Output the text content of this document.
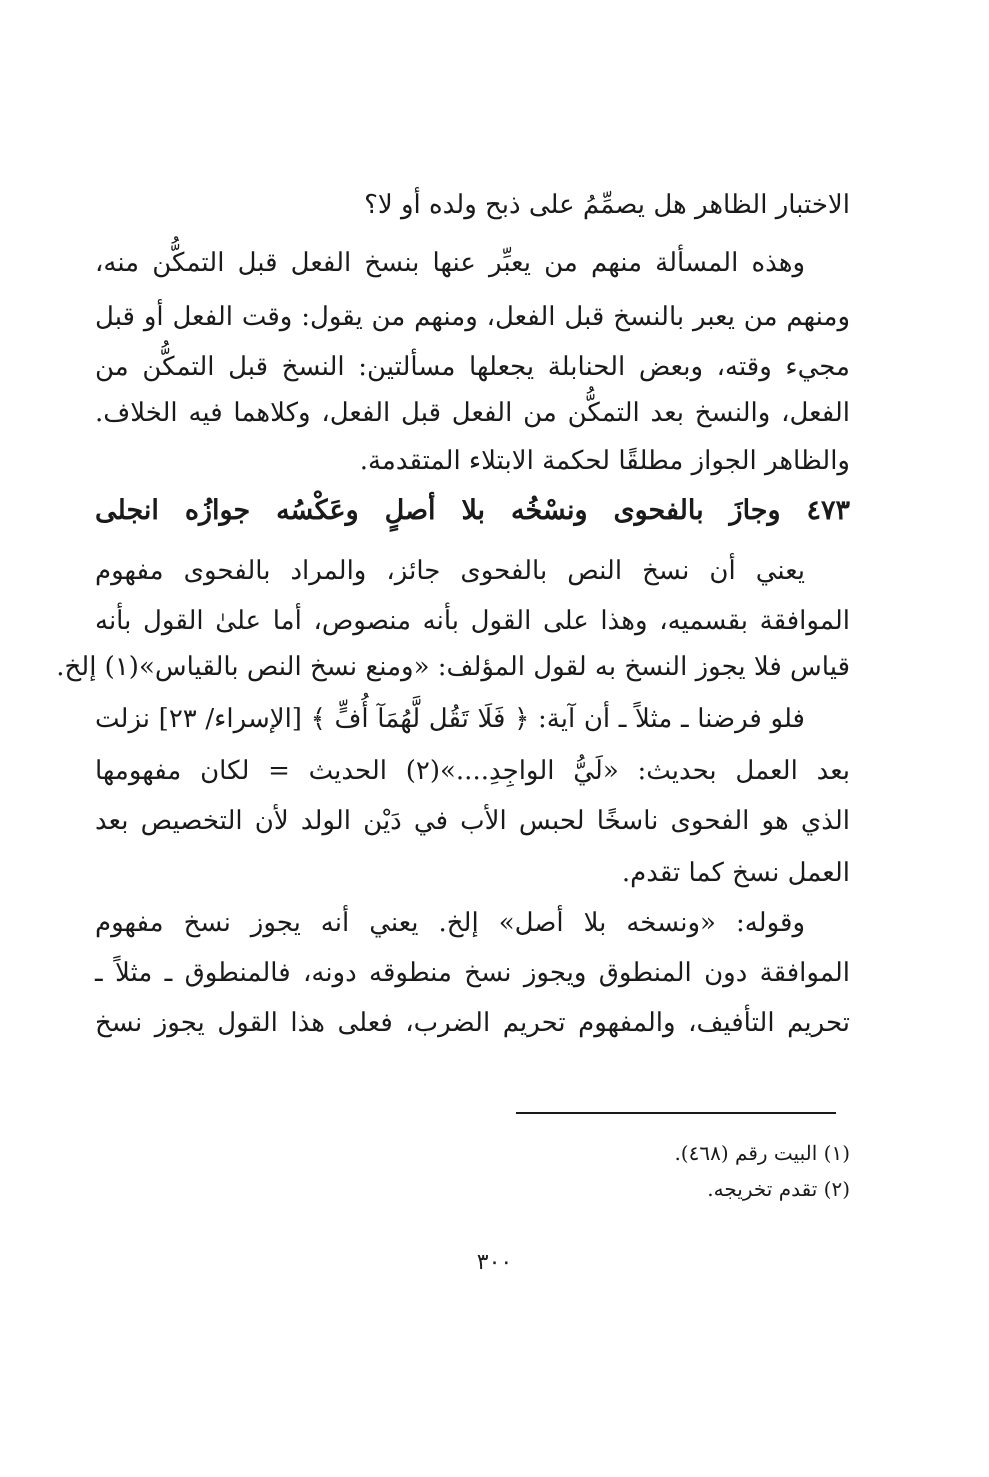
الاختبار الظاهر هل يصمِّمُ على ذبح ولده أو لا؟
وهذه المسألة منهم من يعبِّر عنها بنسخ الفعل قبل التمكُّن منه،
ومنهم من يعبر بالنسخ قبل الفعل، ومنهم من يقول: وقت الفعل أو قبل
مجيء وقته، وبعض الحنابلة يجعلها مسألتين: النسخ قبل التمكُّن من
الفعل، والنسخ بعد التمكُّن من الفعل قبل الفعل، وكلاهما فيه الخلاف.
والظاهر الجواز مطلقًا لحكمة الابتلاء المتقدمة.
٤٧٣ وجازَ بالفحوى ونسْخُه بلا أصلٍ وعَكْسُه جوازُه انجلى
يعني أن نسخ النص بالفحوى جائز، والمراد بالفحوى مفهوم
الموافقة بقسميه، وهذا على القول بأنه منصوص، أما علىٰ القول بأنه
قياس فلا يجوز النسخ به لقول المؤلف: «ومنع نسخ النص بالقياس»(١) إلخ.
فلو فرضنا ـ مثلاً ـ أن آية: ﴿ فَلَا تَقُل لَّهُمَآ أُفٍّ ﴾ [الإسراء/ ٢٣] نزلت
بعد العمل بحديث: «لَيُّ الواجِدِ....»(٢) الحديث = لكان مفهومها
الذي هو الفحوى ناسخًا لحبس الأب في دَيْن الولد لأن التخصيص بعد
العمل نسخ كما تقدم.
وقوله: «ونسخه بلا أصل» إلخ. يعني أنه يجوز نسخ مفهوم
الموافقة دون المنطوق ويجوز نسخ منطوقه دونه، فالمنطوق ـ مثلاً ـ
تحريم التأفيف، والمفهوم تحريم الضرب، فعلى هذا القول يجوز نسخ
(١) البيت رقم (٤٦٨).
(٢) تقدم تخريجه.
٣٠٠
